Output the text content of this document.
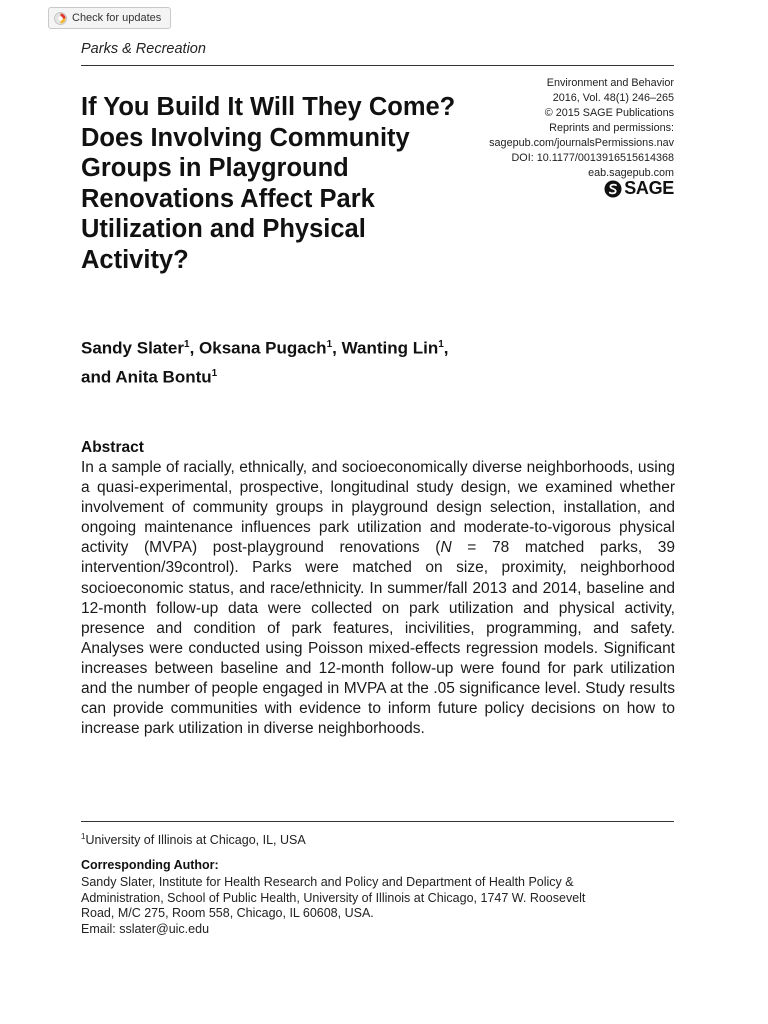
Check for updates
Parks & Recreation
Environment and Behavior
2016, Vol. 48(1) 246–265
© 2015 SAGE Publications
Reprints and permissions:
sagepub.com/journalsPermissions.nav
DOI: 10.1177/0013916515614368
eab.sagepub.com
SAGE
If You Build It Will They Come? Does Involving Community Groups in Playground Renovations Affect Park Utilization and Physical Activity?
Sandy Slater$^1$, Oksana Pugach$^1$, Wanting Lin$^1$,
and Anita Bontu$^1$
Abstract

In a sample of racially, ethnically, and socioeconomically diverse neighborhoods, using a quasi-experimental, prospective, longitudinal study design, we examined whether involvement of community groups in playground design selection, installation, and ongoing maintenance influences park utilization and moderate-to-vigorous physical activity (MVPA) post-playground renovations (N = 78 matched parks, 39 intervention/39control). Parks were matched on size, proximity, neighborhood socioeconomic status, and race/ethnicity. In summer/fall 2013 and 2014, baseline and 12-month follow-up data were collected on park utilization and physical activity, presence and condition of park features, incivilities, programming, and safety. Analyses were conducted using Poisson mixed-effects regression models. Significant increases between baseline and 12-month follow-up were found for park utilization and the number of people engaged in MVPA at the .05 significance level. Study results can provide communities with evidence to inform future policy decisions on how to increase park utilization in diverse neighborhoods.

$^1$University of Illinois at Chicago, IL, USA
Corresponding Author:
Sandy Slater, Institute for Health Research and Policy and Department of Health Policy &
Administration, School of Public Health, University of Illinois at Chicago, 1747 W. Roosevelt
Road, M/C 275, Room 558, Chicago, IL 60608, USA.
Email: sslater@uic.edu
